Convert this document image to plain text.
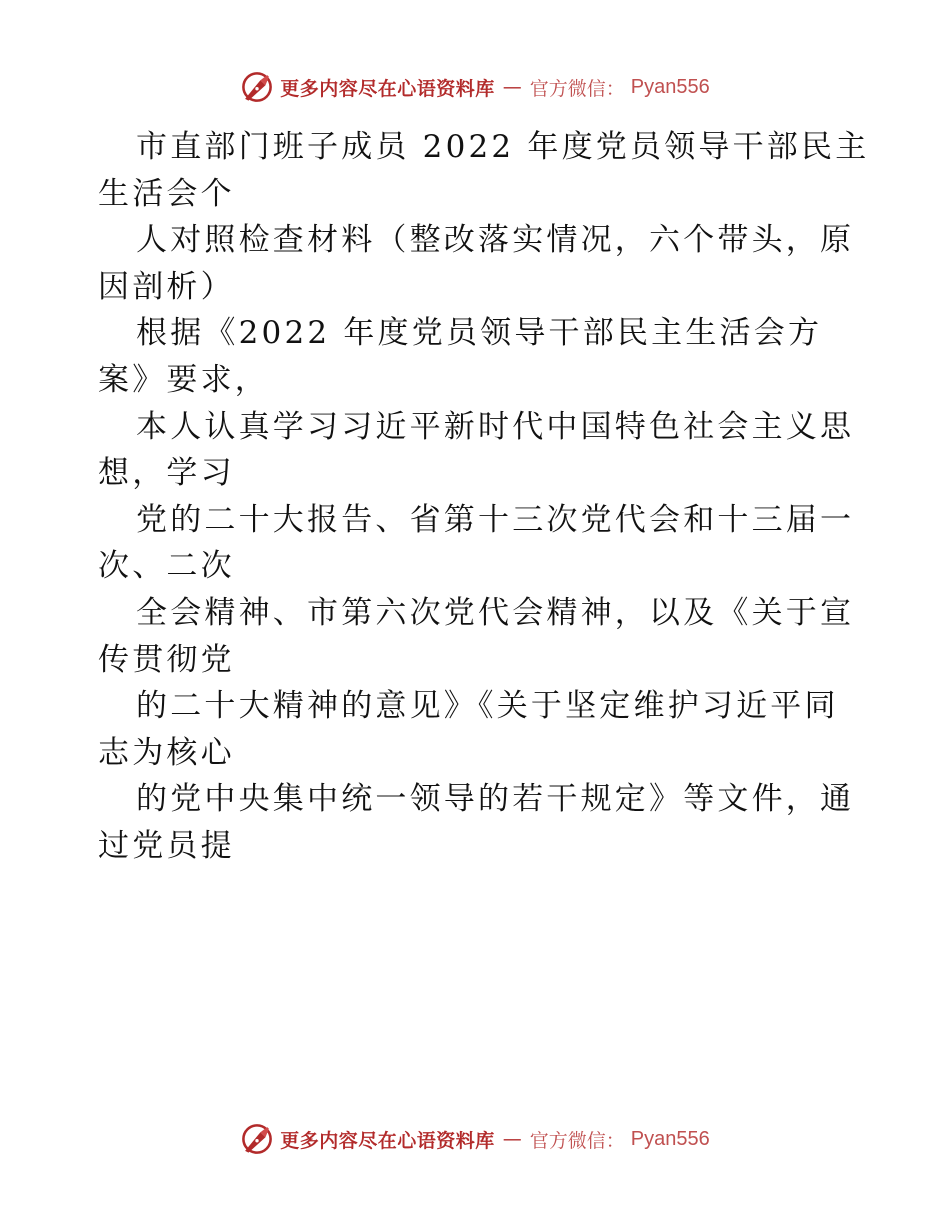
更多内容尽在心语资料库 — 官方微信： Pyan556

市直部门班子成员 2022 年度党员领导干部民主

生活会个

人对照检查材料（整改落实情况，六个带头，原

因剖析）

根据《2022 年度党员领导干部民主生活会方

案》要求，

本人认真学习习近平新时代中国特色社会主义思

想，学习

党的二十大报告、省第十三次党代会和十三届一

次、二次

全会精神、市第六次党代会精神，以及《关于宣

传贯彻党

的二十大精神的意见》《关于坚定维护习近平同

志为核心

的党中央集中统一领导的若干规定》等文件，通

过党员提

更多内容尽在心语资料库 — 官方微信： Pyan556
